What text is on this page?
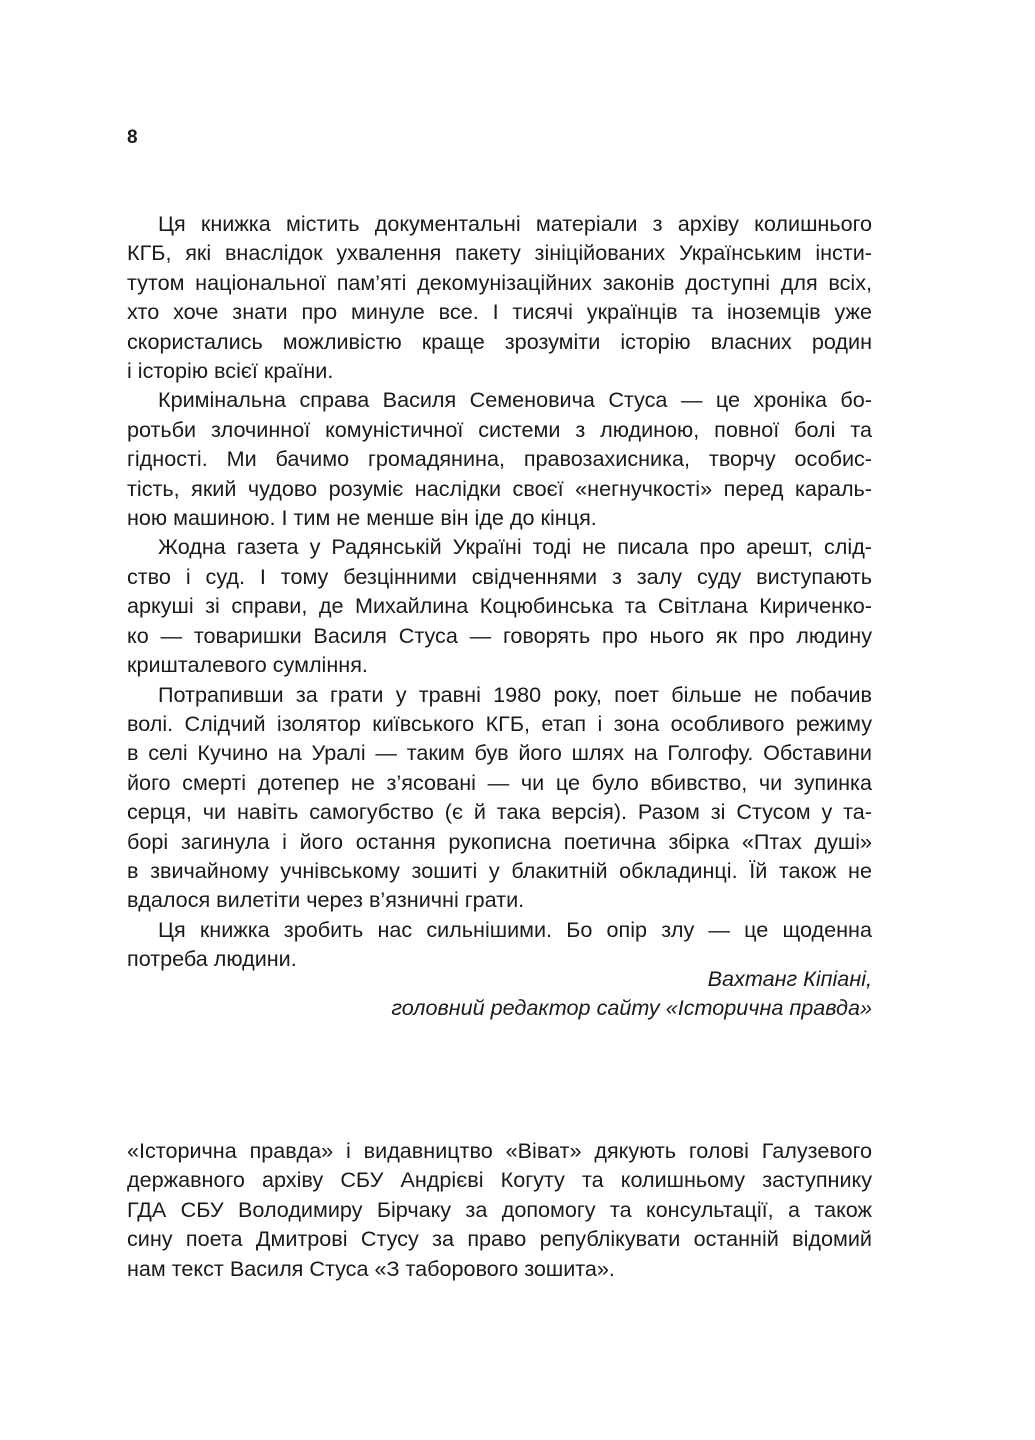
8
Ця книжка містить документальні матеріали з архіву колишнього
КГБ, які внаслідок ухвалення пакету зініційованих Українським інсти-
тутом національної пам’яті декомунізаційних законів доступні для всіх,
хто хоче знати про минуле все. І тисячі українців та іноземців уже
скористались можливістю краще зрозуміти історію власних родин
і історію всієї країни.
Кримінальна справа Василя Семеновича Стуса — це хроніка бо-
ротьби злочинної комуністичної системи з людиною, повної болі та
гідності. Ми бачимо громадянина, правозахисника, творчу особис-
тість, який чудово розуміє наслідки своєї «негнучкості» перед караль-
ною машиною. І тим не менше він іде до кінця.
Жодна газета у Радянській Україні тоді не писала про арешт, слід-
ство і суд. І тому безцінними свідченнями з залу суду виступають
аркуші зі справи, де Михайлина Коцюбинська та Світлана Кириченко-
ко — товаришки Василя Стуса — говорять про нього як про людину
кришталевого сумління.
Потрапивши за грати у травні 1980 року, поет більше не побачив
волі. Слідчий ізолятор київського КГБ, етап і зона особливого режиму
в селі Кучино на Уралі — таким був його шлях на Голгофу. Обставини
його смерті дотепер не з’ясовані — чи це було вбивство, чи зупинка
серця, чи навіть самогубство (є й така версія). Разом зі Стусом у та-
борі загинула і його остання рукописна поетична збірка «Птах душі»
в звичайному учнівському зошиті у блакитній обкладинці. Їй також не
вдалося вилетіти через в’язничні грати.
Ця книжка зробить нас сильнішими. Бо опір злу — це щоденна
потреба людини.
Вахтанг Кіпіані,
головний редактор сайту «Історична правда»
«Історична правда» і видавництво «Віват» дякують голові Галузевого
державного архіву СБУ Андрієві Когуту та колишньому заступнику
ГДА СБУ Володимиру Бірчаку за допомогу та консультації, а також
сину поета Дмитрові Стусу за право републікувати останній відомий
нам текст Василя Стуса «З таборового зошита».
